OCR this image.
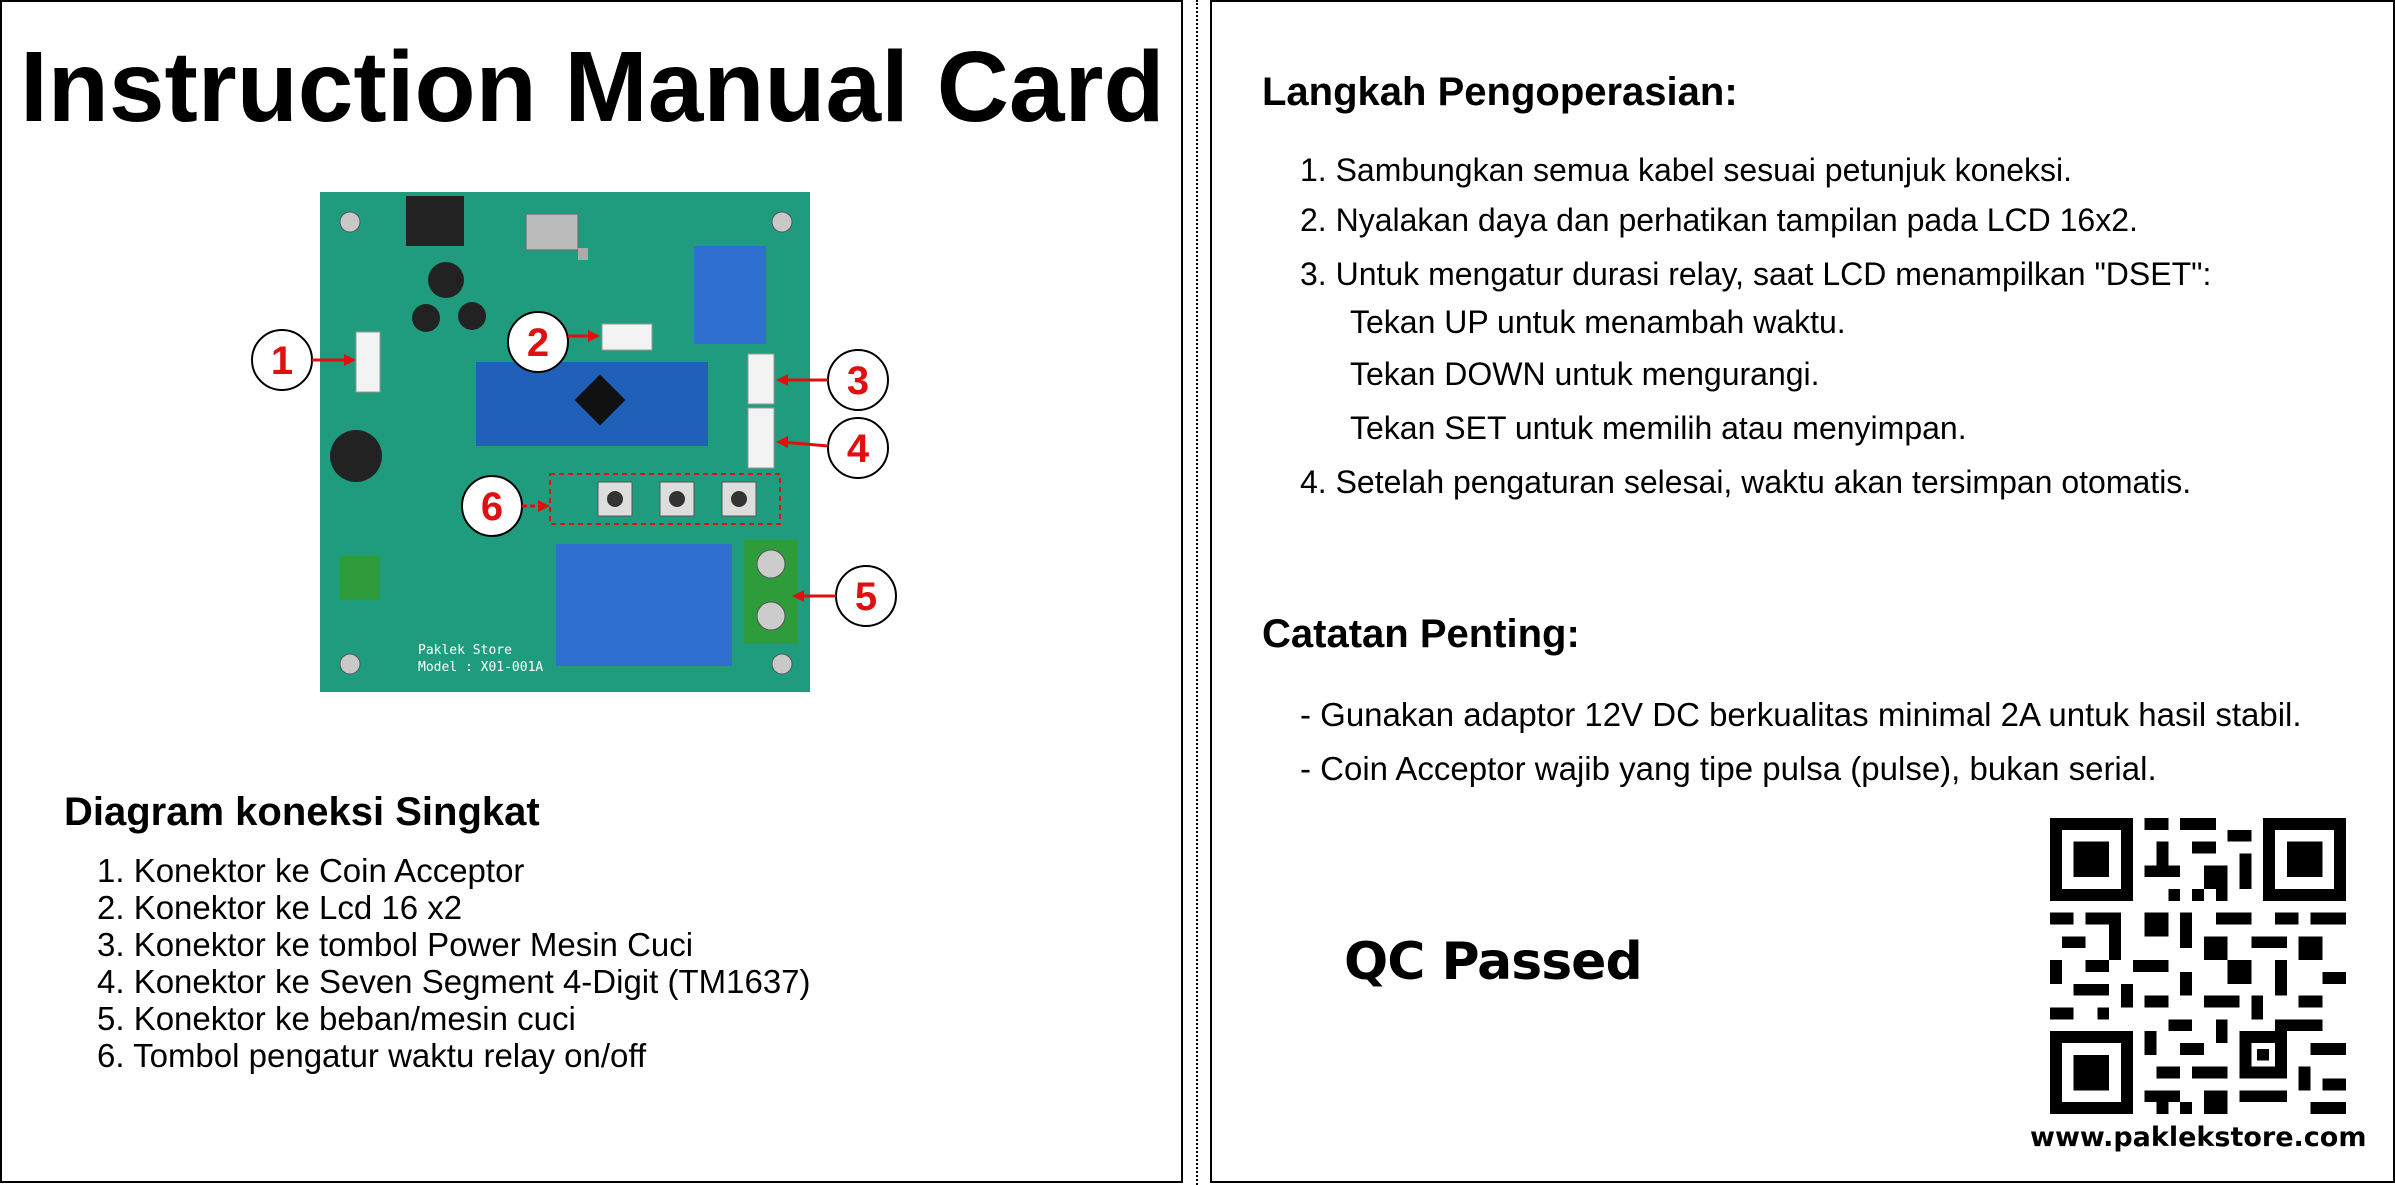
Instruction Manual Card
Paklek Store
Model : X01-001A
1	2
3
4
5
6
Diagram koneksi Singkat
1. Konektor ke Coin Acceptor
2. Konektor ke Lcd 16 x2
3. Konektor ke tombol Power Mesin Cuci
4. Konektor ke Seven Segment 4-Digit (TM1637)
5. Konektor ke beban/mesin cuci
6. Tombol pengatur waktu relay on/off
Langkah Pengoperasian:
1. Sambungkan semua kabel sesuai petunjuk koneksi.
2. Nyalakan daya dan perhatikan tampilan pada LCD 16x2.
3. Untuk mengatur durasi relay, saat LCD menampilkan "DSET":
Tekan UP untuk menambah waktu.
Tekan DOWN untuk mengurangi.
Tekan SET untuk memilih atau menyimpan.
4. Setelah pengaturan selesai, waktu akan tersimpan otomatis.
Catatan Penting:
- Gunakan adaptor 12V DC berkualitas minimal 2A untuk hasil stabil.
- Coin Acceptor wajib yang tipe pulsa (pulse), bukan serial.
QC Passed
www.paklekstore.com
